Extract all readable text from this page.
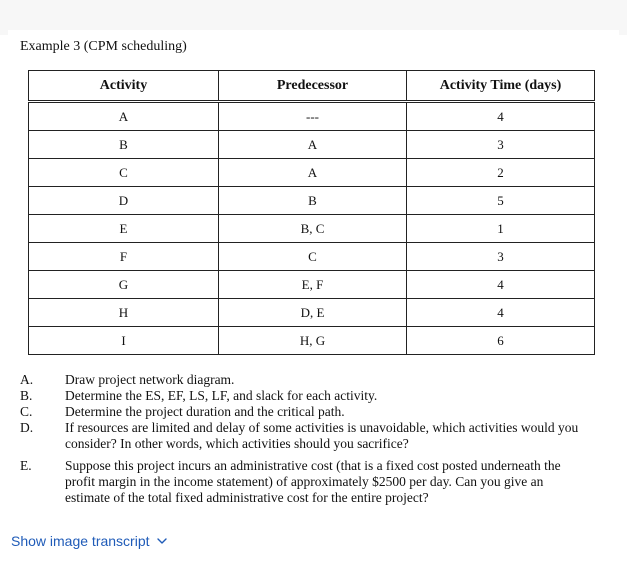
Example 3 (CPM scheduling)
Activity	Predecessor	Activity Time (days)
A	---	4
B	A	3
C	A	2
D	B	5
E	B, C	1
F	C	3
G	E, F	4
H	D, E	4
I	H, G	6
A.	Draw project network diagram.
B.	Determine the ES, EF, LS, LF, and slack for each activity.
C.	Determine the project duration and the critical path.
D.	If resources are limited and delay of some activities is unavoidable, which activities would you consider? In other words, which activities should you sacrifice?
E.	Suppose this project incurs an administrative cost (that is a fixed cost posted underneath the profit margin in the income statement) of approximately $2500 per day. Can you give an estimate of the total fixed administrative cost for the entire project?
Show image transcript
